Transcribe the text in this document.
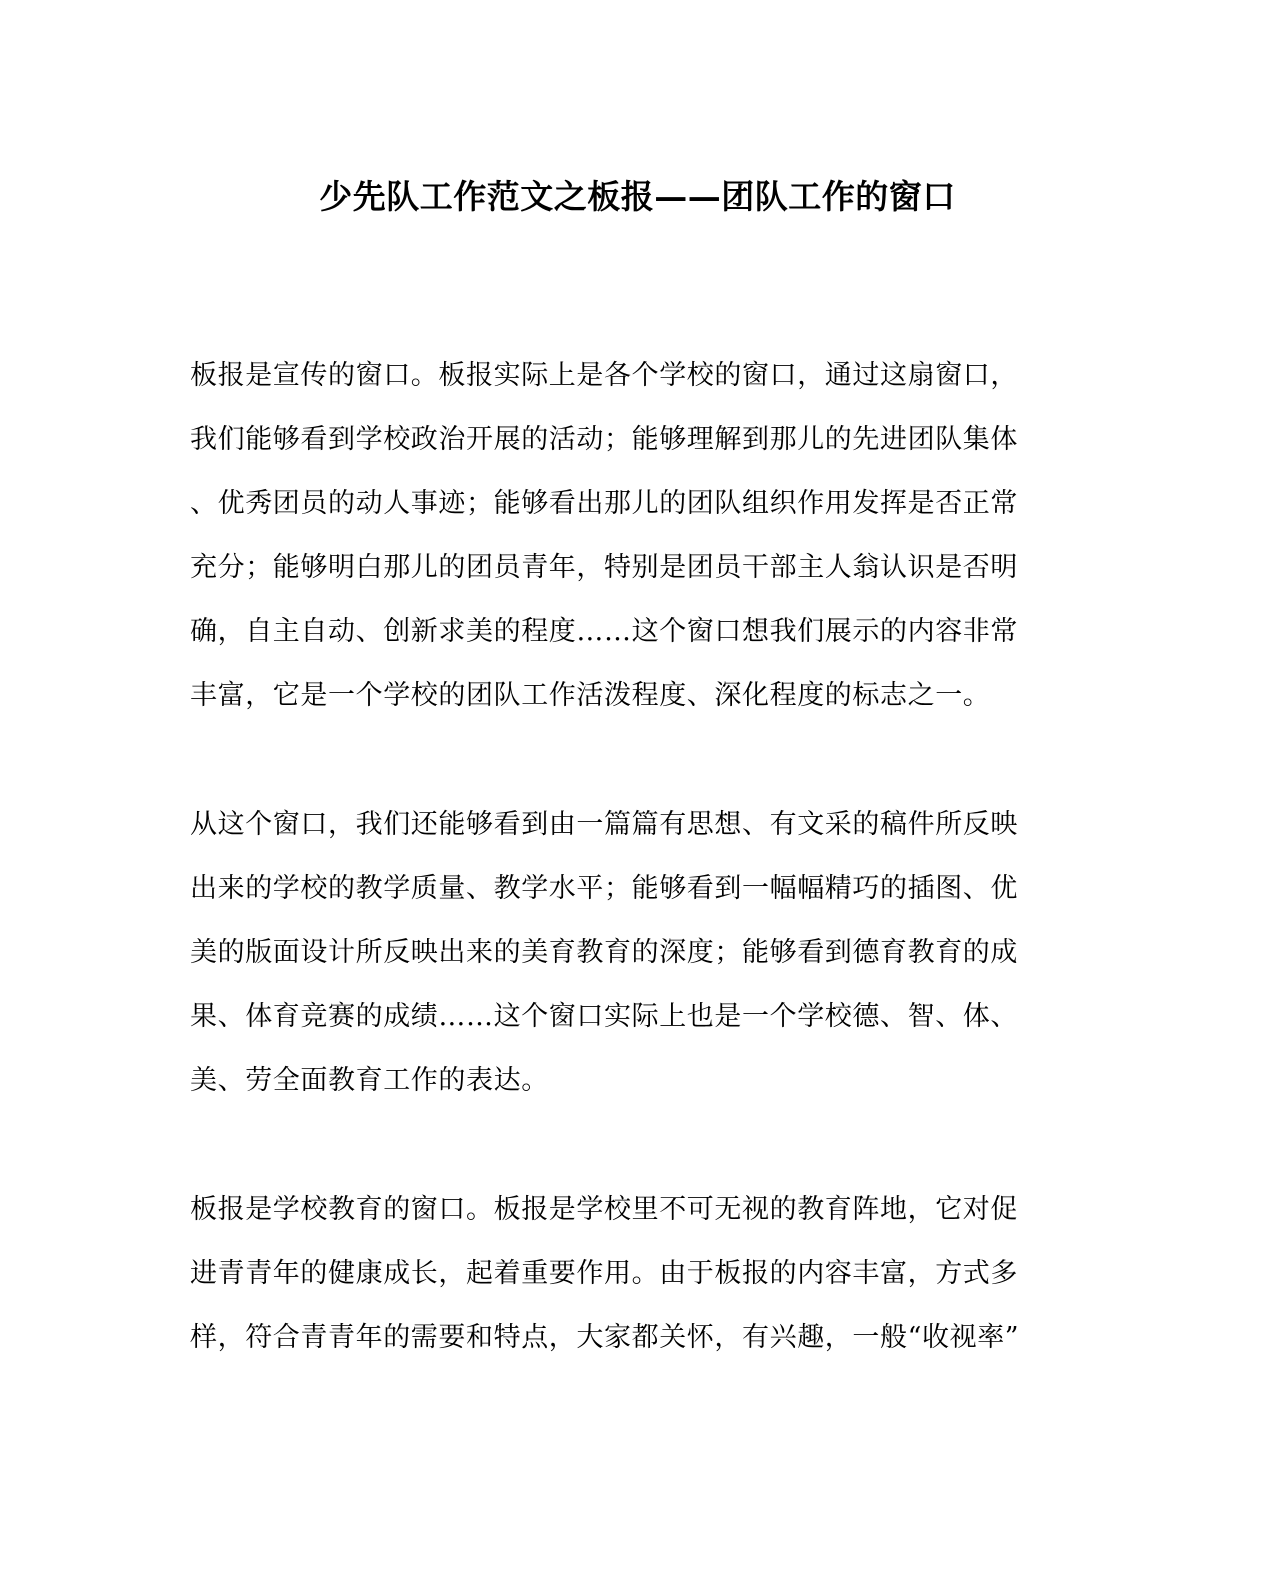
少先队工作范文之板报——团队工作的窗口
板报是宣传的窗口。板报实际上是各个学校的窗口，通过这扇窗口，
我们能够看到学校政治开展的活动；能够理解到那儿的先进团队集体
、优秀团员的动人事迹；能够看出那儿的团队组织作用发挥是否正常
充分；能够明白那儿的团员青年，特别是团员干部主人翁认识是否明
确，自主自动、创新求美的程度……这个窗口想我们展示的内容非常
丰富，它是一个学校的团队工作活泼程度、深化程度的标志之一。
从这个窗口，我们还能够看到由一篇篇有思想、有文采的稿件所反映
出来的学校的教学质量、教学水平；能够看到一幅幅精巧的插图、优
美的版面设计所反映出来的美育教育的深度；能够看到德育教育的成
果、体育竞赛的成绩……这个窗口实际上也是一个学校德、智、体、
美、劳全面教育工作的表达。
板报是学校教育的窗口。板报是学校里不可无视的教育阵地，它对促
进青青年的健康成长，起着重要作用。由于板报的内容丰富，方式多
样，符合青青年的需要和特点，大家都关怀，有兴趣，一般“收视率”
